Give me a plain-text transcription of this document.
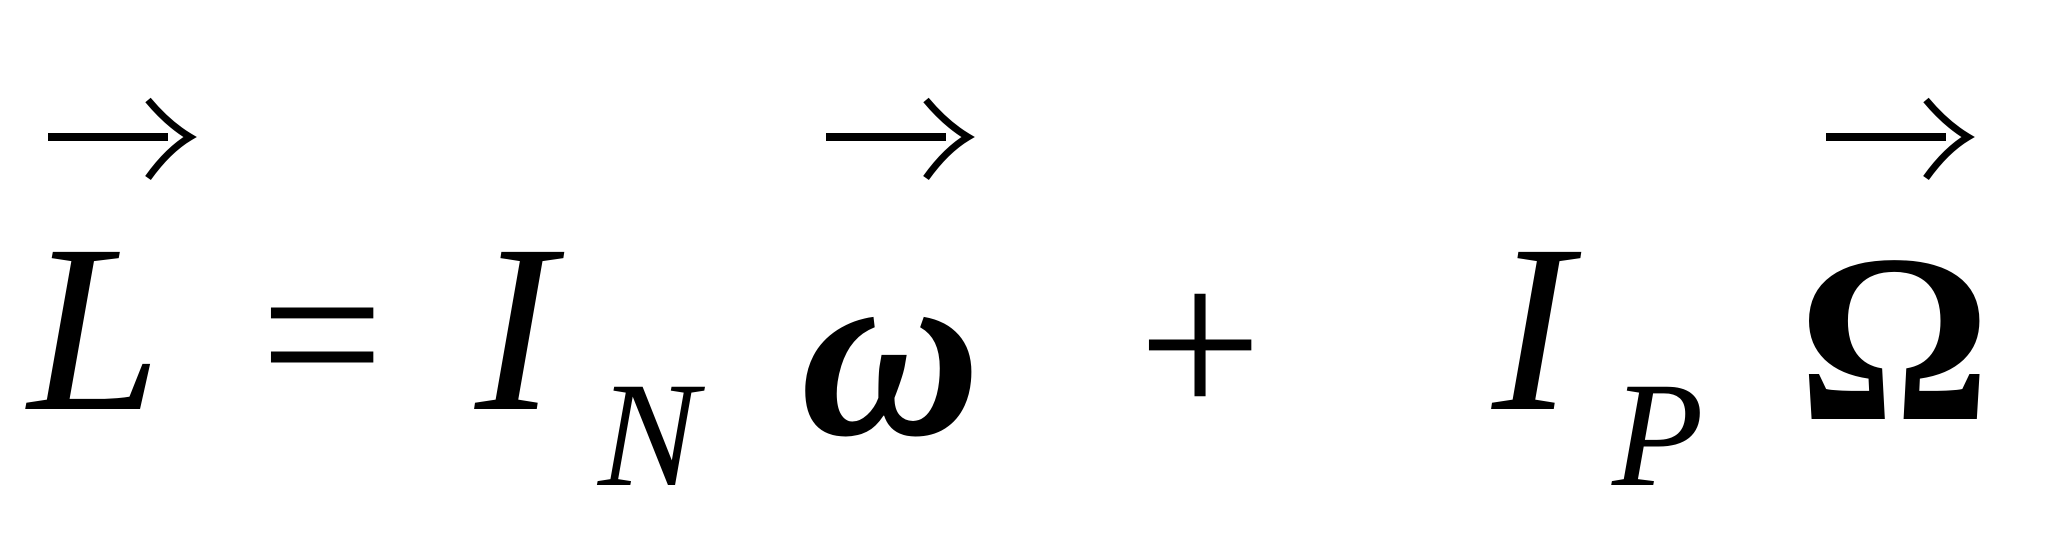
L = I N ω + I P Ω
